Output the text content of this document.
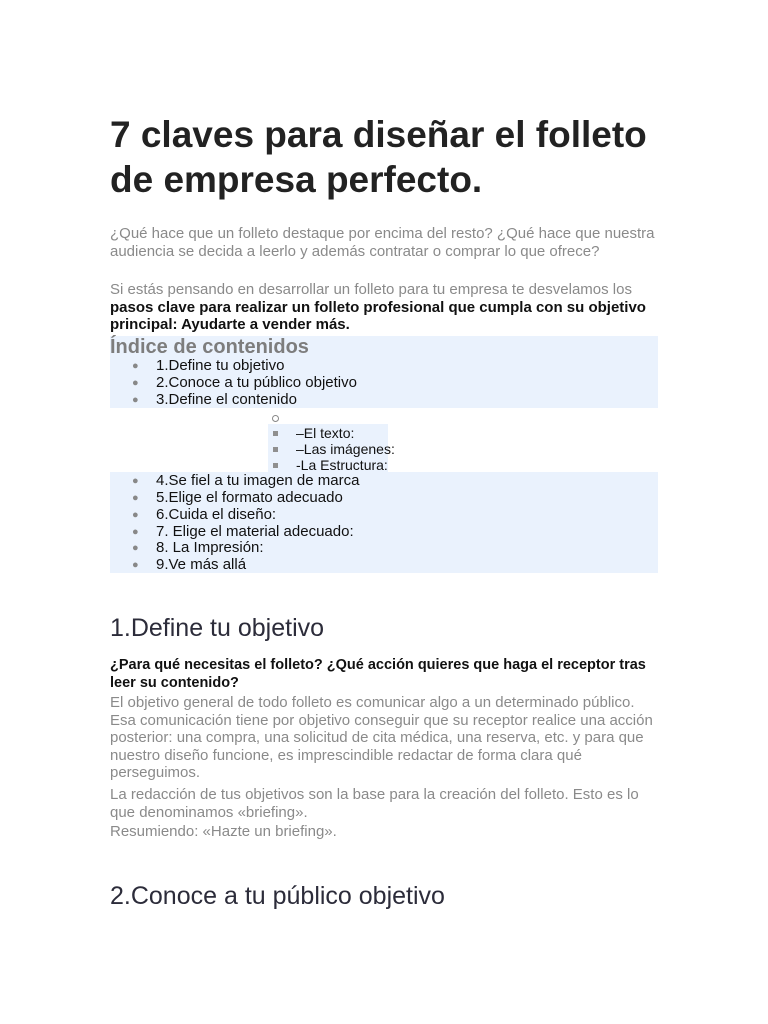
7 claves para diseñar el folleto de empresa perfecto.

¿Qué hace que un folleto destaque por encima del resto? ¿Qué hace que nuestra audiencia se decida a leerlo y además contratar o comprar lo que ofrece?

Si estás pensando en desarrollar un folleto para tu empresa te desvelamos los pasos clave para realizar un folleto profesional que cumpla con su objetivo principal: Ayudarte a vender más.

Índice de contenidos
● 1.Define tu objetivo
● 2.Conoce a tu público objetivo
● 3.Define el contenido
–El texto:
–Las imágenes:
-La Estructura:
● 4.Se fiel a tu imagen de marca
● 5.Elige el formato adecuado
● 6.Cuida el diseño:
● 7. Elige el material adecuado:
● 8. La Impresión:
● 9.Ve más allá
1.Define tu objetivo

¿Para qué necesitas el folleto? ¿Qué acción quieres que haga el receptor tras leer su contenido?

El objetivo general de todo folleto es comunicar algo a un determinado público. Esa comunicación tiene por objetivo conseguir que su receptor realice una acción posterior: una compra, una solicitud de cita médica, una reserva, etc. y para que nuestro diseño funcione, es imprescindible redactar de forma clara qué perseguimos.

La redacción de tus objetivos son la base para la creación del folleto. Esto es lo que denominamos «briefing».

Resumiendo: «Hazte un briefing».

2.Conoce a tu público objetivo
